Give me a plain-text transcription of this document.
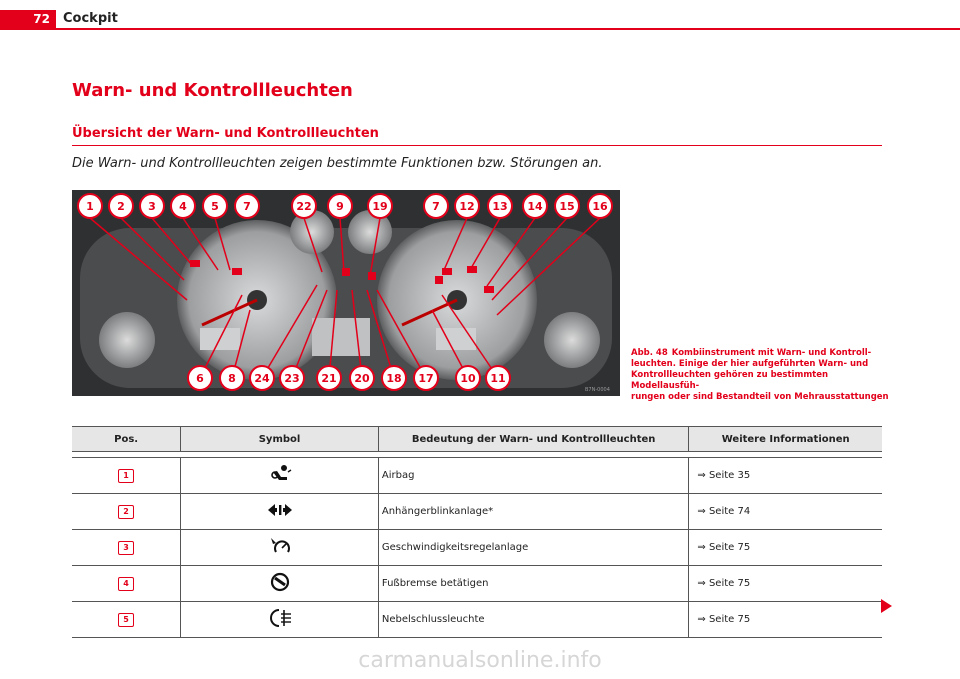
72	Cockpit
Warn- und Kontrollleuchten
Übersicht der Warn- und Kontrollleuchten
Die Warn- und Kontrollleuchten zeigen bestimmte Funktionen bzw. Störungen an.
1 2 3 4 5 7	22 9	19	7 12 13 14 15 16
6 8 24 23 21 20 18 17 10 11
B7N-0004
Abb. 48 Kombiinstrument mit Warn- und Kontroll-
leuchten. Einige der hier aufgeführten Warn- und
Kontrollleuchten gehören zu bestimmten Modellausfüh-
rungen oder sind Bestandteil von Mehrausstattungen
Pos.	Symbol	Bedeutung der Warn- und Kontrollleuchten	Weitere Informationen

1		Airbag	⇒ Seite 35
2		Anhängerblinkanlage*	⇒ Seite 74
3		Geschwindigkeitsregelanlage	⇒ Seite 75
4		Fußbremse betätigen	⇒ Seite 75
5		Nebelschlussleuchte	⇒ Seite 75
carmanualsonline.info
